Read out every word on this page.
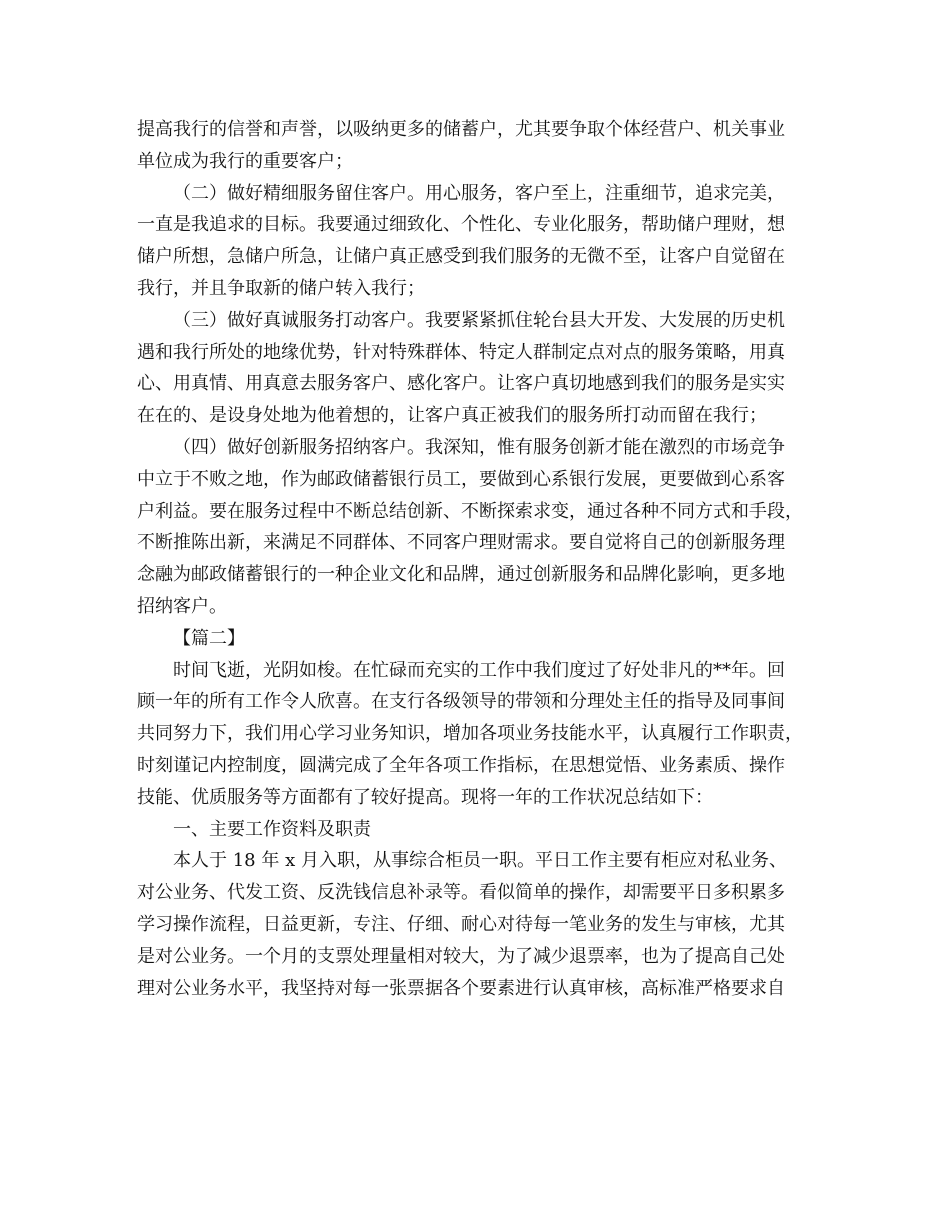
提高我行的信誉和声誉，以吸纳更多的储蓄户，尤其要争取个体经营户、机关事业
单位成为我行的重要客户；
（二）做好精细服务留住客户。用心服务，客户至上，注重细节，追求完美，
一直是我追求的目标。我要通过细致化、个性化、专业化服务，帮助储户理财，想
储户所想，急储户所急，让储户真正感受到我们服务的无微不至，让客户自觉留在
我行，并且争取新的储户转入我行；
（三）做好真诚服务打动客户。我要紧紧抓住轮台县大开发、大发展的历史机
遇和我行所处的地缘优势，针对特殊群体、特定人群制定点对点的服务策略，用真
心、用真情、用真意去服务客户、感化客户。让客户真切地感到我们的服务是实实
在在的、是设身处地为他着想的，让客户真正被我们的服务所打动而留在我行；
（四）做好创新服务招纳客户。我深知，惟有服务创新才能在激烈的市场竞争
中立于不败之地，作为邮政储蓄银行员工，要做到心系银行发展，更要做到心系客
户利益。要在服务过程中不断总结创新、不断探索求变，通过各种不同方式和手段，
不断推陈出新，来满足不同群体、不同客户理财需求。要自觉将自己的创新服务理
念融为邮政储蓄银行的一种企业文化和品牌，通过创新服务和品牌化影响，更多地
招纳客户。
【篇二】
时间飞逝，光阴如梭。在忙碌而充实的工作中我们度过了好处非凡的**年。回
顾一年的所有工作令人欣喜。在支行各级领导的带领和分理处主任的指导及同事间
共同努力下，我们用心学习业务知识，增加各项业务技能水平，认真履行工作职责，
时刻谨记内控制度，圆满完成了全年各项工作指标，在思想觉悟、业务素质、操作
技能、优质服务等方面都有了较好提高。现将一年的工作状况总结如下：
一、主要工作资料及职责
本人于 18 年 x 月入职，从事综合柜员一职。平日工作主要有柜应对私业务、
对公业务、代发工资、反洗钱信息补录等。看似简单的操作，却需要平日多积累多
学习操作流程，日益更新，专注、仔细、耐心对待每一笔业务的发生与审核，尤其
是对公业务。一个月的支票处理量相对较大，为了减少退票率，也为了提高自己处
理对公业务水平，我坚持对每一张票据各个要素进行认真审核，高标准严格要求自
